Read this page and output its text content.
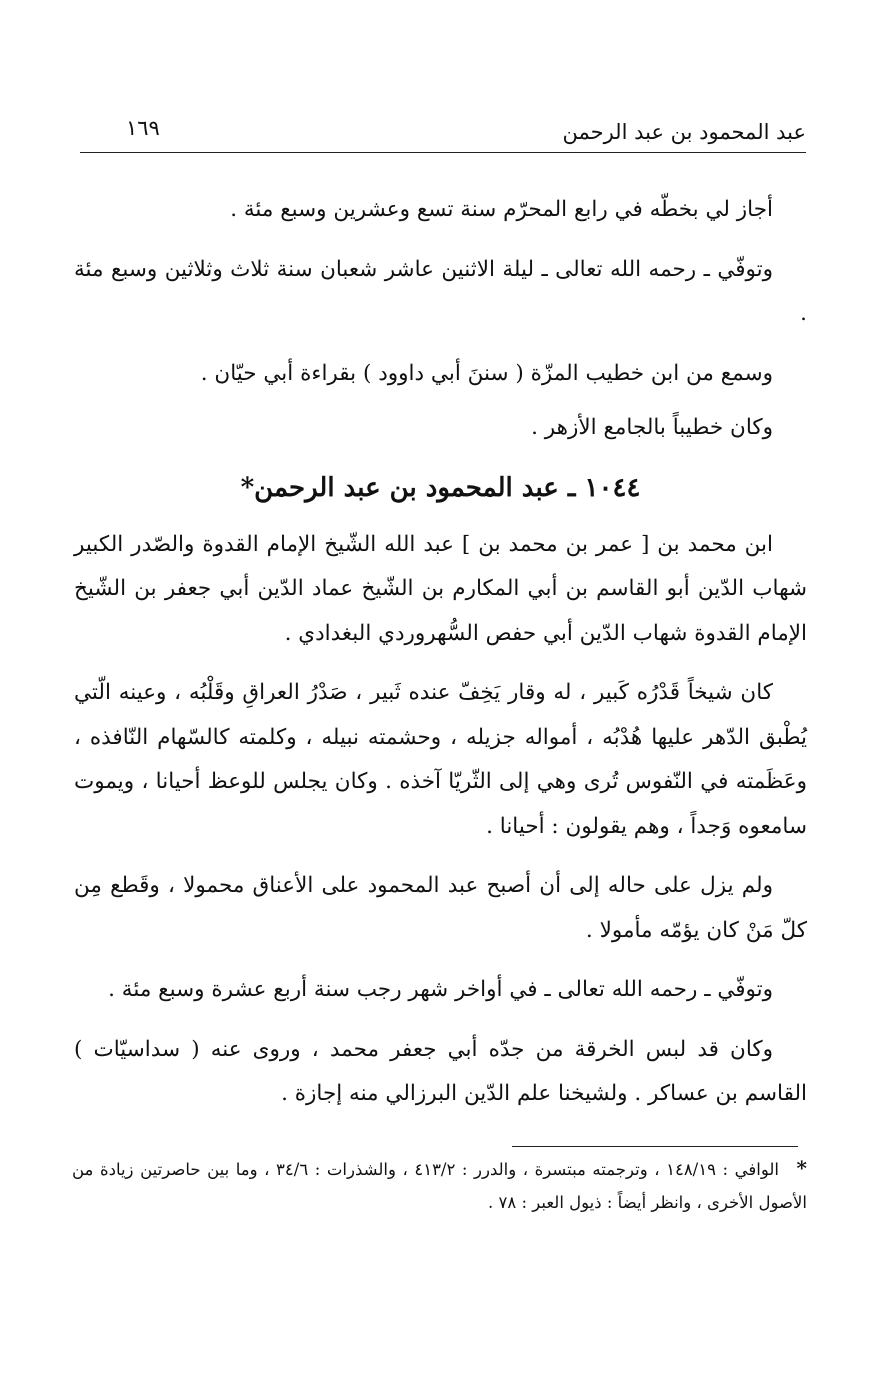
عبد المحمود بن عبد الرحمن
١٦٩

أجاز لي بخطّه في رابع المحرّم سنة تسع وعشرين وسبع مئة .

وتوفّي ـ رحمه الله تعالى ـ ليلة الاثنين عاشر شعبان سنة ثلاث وثلاثين وسبع مئة .

وسمع من ابن خطيب المزّة ( سننَ أبي داوود ) بقراءة أبي حيّان .

وكان خطيباً بالجامع الأزهر .

١٠٤٤ ـ عبد المحمود بن عبد الرحمن*

ابن محمد بن [ عمر بن محمد بن ] عبد الله الشّيخ الإمام القدوة والصّدر الكبير شهاب الدّين أبو القاسم بن أبي المكارم بن الشّيخ عماد الدّين أبي جعفر بن الشّيخ الإمام القدوة شهاب الدّين أبي حفص السُّهروردي البغدادي .

كان شيخاً قَدْرُه كَبير ، له وقار يَخِفّ عنده ثَبير ، صَدْرُ العراقِ وقَلْبُه ، وعينه الّتي يُطْبق الدّهر عليها هُدْبُه ، أمواله جزيله ، وحشمته نبيله ، وكلمته كالسّهام النّافذه ، وعَظَمته في النّفوس تُرى وهي إلى الثّريّا آخذه . وكان يجلس للوعظ أحيانا ، ويموت سامعوه وَجداً ، وهم يقولون : أحيانا .

ولم يزل على حاله إلى أن أصبح عبد المحمود على الأعناق محمولا ، وقَطع مِن كلّ مَنْ كان يؤمّه مأمولا .

وتوفّي ـ رحمه الله تعالى ـ في أواخر شهر رجب سنة أربع عشرة وسبع مئة .

وكان قد لبس الخرقة من جدّه أبي جعفر محمد ، وروى عنه ( سداسيّات ) القاسم بن عساكر . ولشيخنا علم الدّين البرزالي منه إجازة .

*الوافي : ١٤٨/١٩ ، وترجمته مبتسرة ، والدرر : ٤١٣/٢ ، والشذرات : ٣٤/٦ ، وما بين حاصرتين زيادة من الأصول الأخرى ، وانظر أيضاً : ذيول العبر : ٧٨ .
